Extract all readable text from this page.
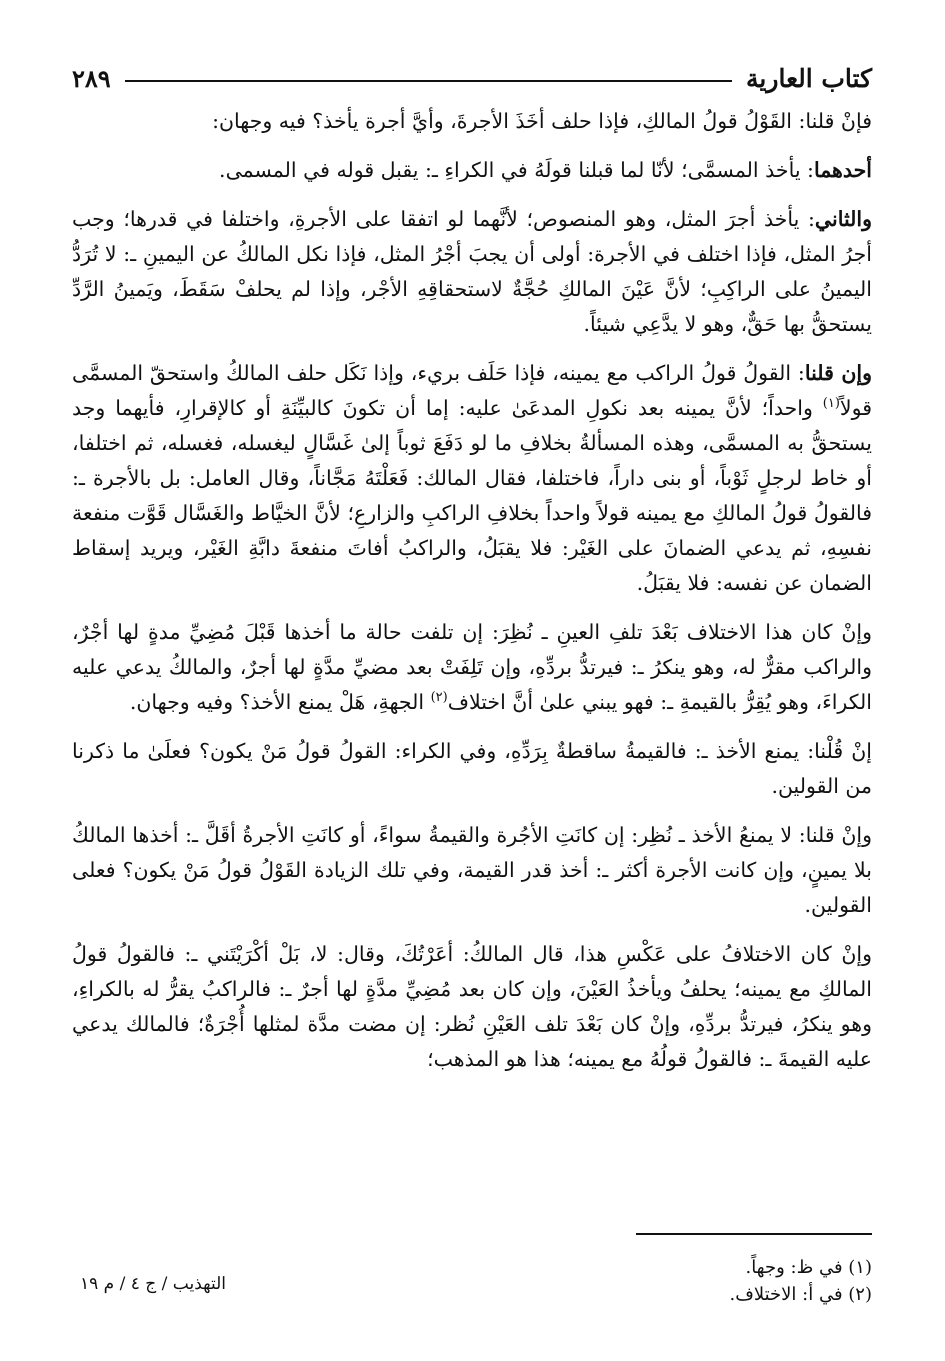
كتاب العارية
٢٨٩

فإنْ قلنا: القَوْلُ قولُ المالكِ، فإذا حلف أخَذَ الأجرةَ، وأيَّ أجرة يأخذ؟ فيه وجهان:

أحدهما: يأخذ المسمَّى؛ لأنّا لما قبلنا قولَهُ في الكراءِ ـ: يقبل قوله في المسمى.

والثاني: يأخذ أجرَ المثل، وهو المنصوص؛ لأنَّهما لو اتفقا على الأجرةِ، واختلفا في قدرها؛ وجب أجرُ المثل، فإذا اختلف في الأجرة: أولى أن يجبَ أجْرُ المثل، فإذا نكل المالكُ عن اليمينِ ـ: لا تُرَدُّ اليمينُ على الراكِبِ؛ لأنَّ عَيْنَ المالكِ حُجَّةٌ لاستحقاقِهِ الأجْر، وإذا لم يحلفْ سَقَطَ، ويَمينُ الرَّدِّ يستحقُّ بها حَقٌّ، وهو لا يدَّعِي شيئاً.

وإن قلنا: القولُ قولُ الراكب مع يمينه، فإذا حَلَف بريء، وإذا نَكَل حلف المالكُ واستحقّ المسمَّى قولاً$^{(١)}$ واحداً؛ لأنَّ يمينه بعد نكولِ المدعَىٰ عليه: إما أن تكونَ كالبيِّنَةِ أو كالإقرارِ، فأيهما وجد يستحقُّ به المسمَّى، وهذه المسألةُ بخلافِ ما لو دَفَعَ ثوباً إلىٰ غَسَّالٍ ليغسله، فغسله، ثم اختلفا، أو خاط لرجلٍ ثَوْباً، أو بنى داراً، فاختلفا، فقال المالك: فَعَلْتَهُ مَجَّاناً، وقال العامل: بل بالأجرة ـ: فالقولُ قولُ المالكِ مع يمينه قولاً واحداً بخلافِ الراكبِ والزارعِ؛ لأنَّ الخيَّاط والغَسَّال قَوَّت منفعة نفسِهِ، ثم يدعي الضمانَ على الغَيْر: فلا يقبَلُ، والراكبُ أفاتَ منفعةَ دابَّةِ الغَيْر، ويريد إسقاط الضمان عن نفسه: فلا يقبَلُ.

وإنْ كان هذا الاختلاف بَعْدَ تلفِ العينِ ـ نُظِرَ: إن تلفت حالة ما أخذها قَبْلَ مُضِيِّ مدةٍ لها أجْرٌ، والراكب مقرٌّ له، وهو ينكرُ ـ: فيرتدُّ بردِّهِ، وإن تَلِفَتْ بعد مضيِّ مدَّةٍ لها أجرٌ، والمالكُ يدعي عليه الكراءَ، وهو يُقِرُّ بالقيمةِ ـ: فهو يبني علىٰ أنَّ اختلاف$^{(٢)}$ الجهةِ، هَلْ يمنع الأخذ؟ وفيه وجهان.

إنْ قُلْنا: يمنع الأخذ ـ: فالقيمةُ ساقطةٌ بِرَدِّهِ، وفي الكراء: القولُ قولُ مَنْ يكون؟ فعلَىٰ ما ذكرنا من القولين.

وإنْ قلنا: لا يمنعُ الأخذ ـ نُظِر: إن كانَتِ الأجُرة والقيمةُ سواءً، أو كانَتِ الأجرةُ أقَلَّ ـ: أخذها المالكُ بلا يمينٍ، وإن كانت الأجرة أكثر ـ: أخذ قدر القيمة، وفي تلك الزيادة القَوْلُ قولُ مَنْ يكون؟ فعلى القولين.

وإنْ كان الاختلافُ على عَكْسِ هذا، قال المالكُ: أعَرْتُكَ، وقال: لا، بَلْ أكْرَيْتَني ـ: فالقولُ قولُ المالكِ مع يمينه؛ يحلفُ ويأخذُ العَيْنَ، وإن كان بعد مُضِيِّ مدَّةٍ لها أجرٌ ـ: فالراكبُ يقرُّ له بالكراءِ، وهو ينكرُ، فيرتدُّ بردِّهِ، وإنْ كان بَعْدَ تلف العَيْنِ نُظر: إن مضت مدَّة لمثلها أُجْرَةٌ؛ فالمالك يدعي عليه القيمةَ ـ: فالقولُ قولُهُ مع يمينه؛ هذا هو المذهب؛

(١) في ظ: وجهاً.
(٢) في أ: الاختلاف.
التهذيب / ج ٤ / م ١٩
